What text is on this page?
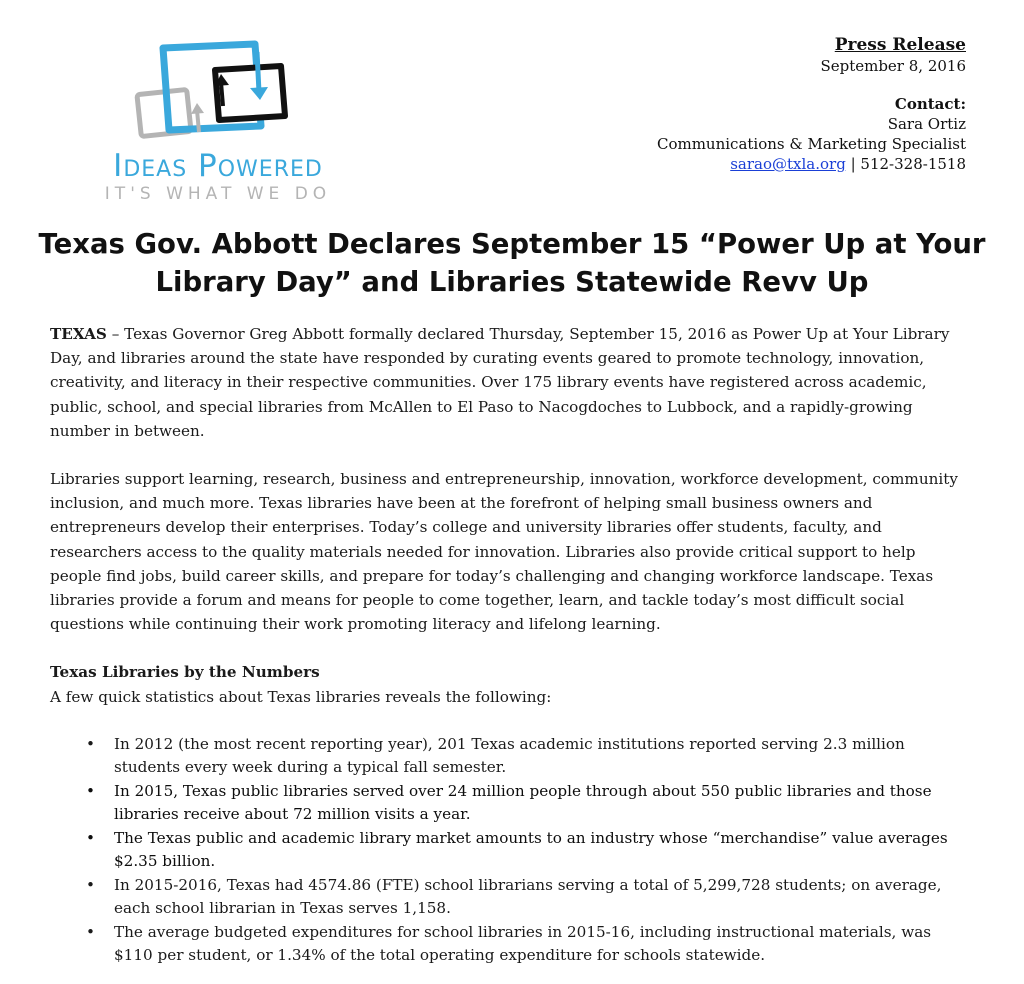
Ideas Powered
IT'S WHAT WE DO
Press Release
September 8, 2016
Contact:
Sara Ortiz
Communications & Marketing Specialist
sarao@txla.org | 512-328-1518
Texas Gov. Abbott Declares September 15 “Power Up at Your
Library Day” and Libraries Statewide Revv Up

TEXAS – Texas Governor Greg Abbott formally declared Thursday, September 15, 2016 as Power Up at Your Library Day, and libraries around the state have responded by curating events geared to promote technology, innovation, creativity, and literacy in their respective communities. Over 175 library events have registered across academic, public, school, and special libraries from McAllen to El Paso to Nacogdoches to Lubbock, and a rapidly-growing number in between.

Libraries support learning, research, business and entrepreneurship, innovation, workforce development, community inclusion, and much more. Texas libraries have been at the forefront of helping small business owners and entrepreneurs develop their enterprises. Today’s college and university libraries offer students, faculty, and researchers access to the quality materials needed for innovation. Libraries also provide critical support to help people find jobs, build career skills, and prepare for today’s challenging and changing workforce landscape. Texas libraries provide a forum and means for people to come together, learn, and tackle today’s most difficult social questions while continuing their work promoting literacy and lifelong learning.

Texas Libraries by the Numbers

A few quick statistics about Texas libraries reveals the following:

• In 2012 (the most recent reporting year), 201 Texas academic institutions reported serving 2.3 million students every week during a typical fall semester.
• In 2015, Texas public libraries served over 24 million people through about 550 public libraries and those libraries receive about 72 million visits a year.
• The Texas public and academic library market amounts to an industry whose “merchandise” value averages $2.35 billion.
• In 2015-2016, Texas had 4574.86 (FTE) school librarians serving a total of 5,299,728 students; on average, each school librarian in Texas serves 1,158.
• The average budgeted expenditures for school libraries in 2015-16, including instructional materials, was $110 per student, or 1.34% of the total operating expenditure for schools statewide.
